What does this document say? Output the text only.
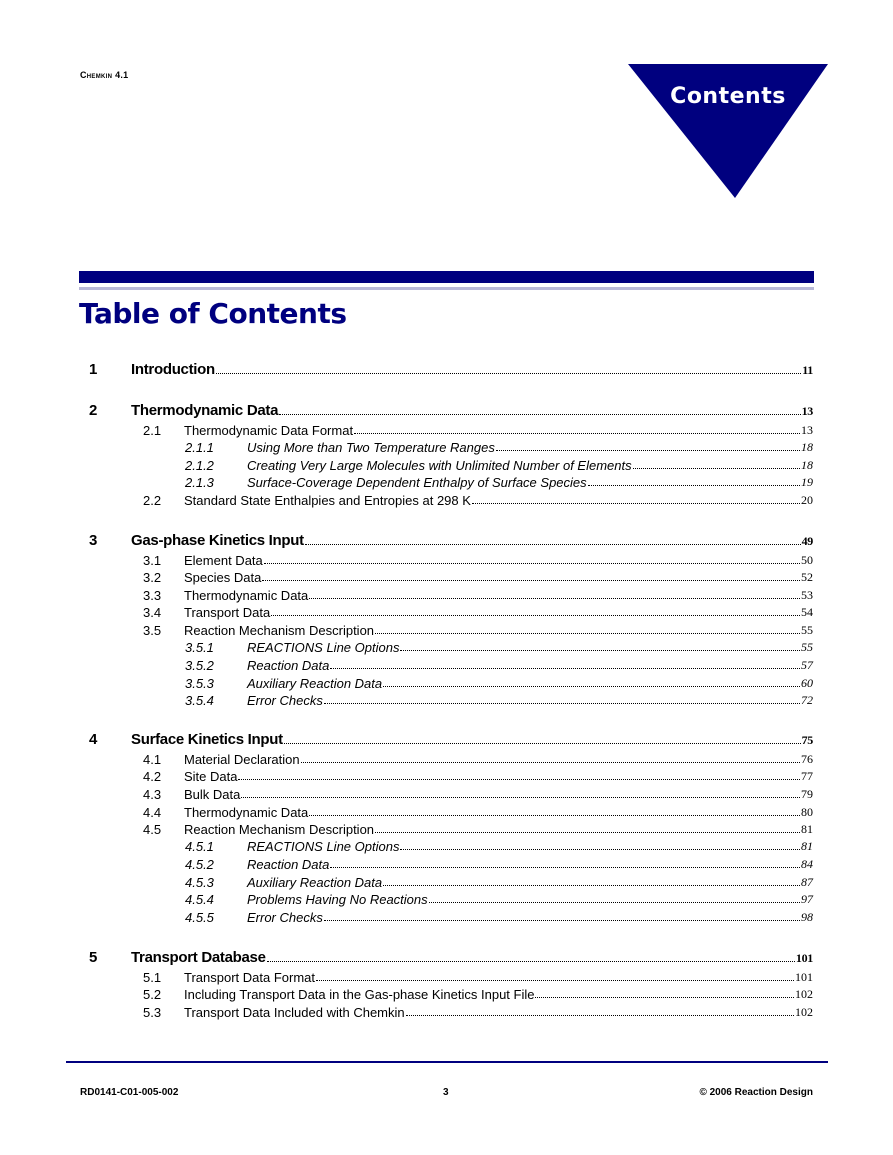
Chemkin 4.1
Contents
Table of Contents
1 Introduction	11
2 Thermodynamic Data	13
2.1 Thermodynamic Data Format	13
2.1.1	Using More than Two Temperature Ranges	18
2.1.2	Creating Very Large Molecules with Unlimited Number of Elements	18
2.1.3	Surface-Coverage Dependent Enthalpy of Surface Species	19
2.2 Standard State Enthalpies and Entropies at 298 K	20
3 Gas-phase Kinetics Input	49
3.1 Element Data	50
3.2 Species Data	52
3.3 Thermodynamic Data	53
3.4 Transport Data	54
3.5 Reaction Mechanism Description	55
3.5.1	REACTIONS Line Options	55
3.5.2	Reaction Data	57
3.5.3	Auxiliary Reaction Data	60
3.5.4	Error Checks	72
4 Surface Kinetics Input	75
4.1 Material Declaration	76
4.2 Site Data	77
4.3 Bulk Data	79
4.4 Thermodynamic Data	80
4.5 Reaction Mechanism Description	81
4.5.1	REACTIONS Line Options	81
4.5.2	Reaction Data	84
4.5.3	Auxiliary Reaction Data	87
4.5.4	Problems Having No Reactions	97
4.5.5	Error Checks	98
5 Transport Database	101
5.1 Transport Data Format	101
5.2 Including Transport Data in the Gas-phase Kinetics Input File	102
5.3 Transport Data Included with Chemkin	102
RD0141-C01-005-002	3	© 2006 Reaction Design
